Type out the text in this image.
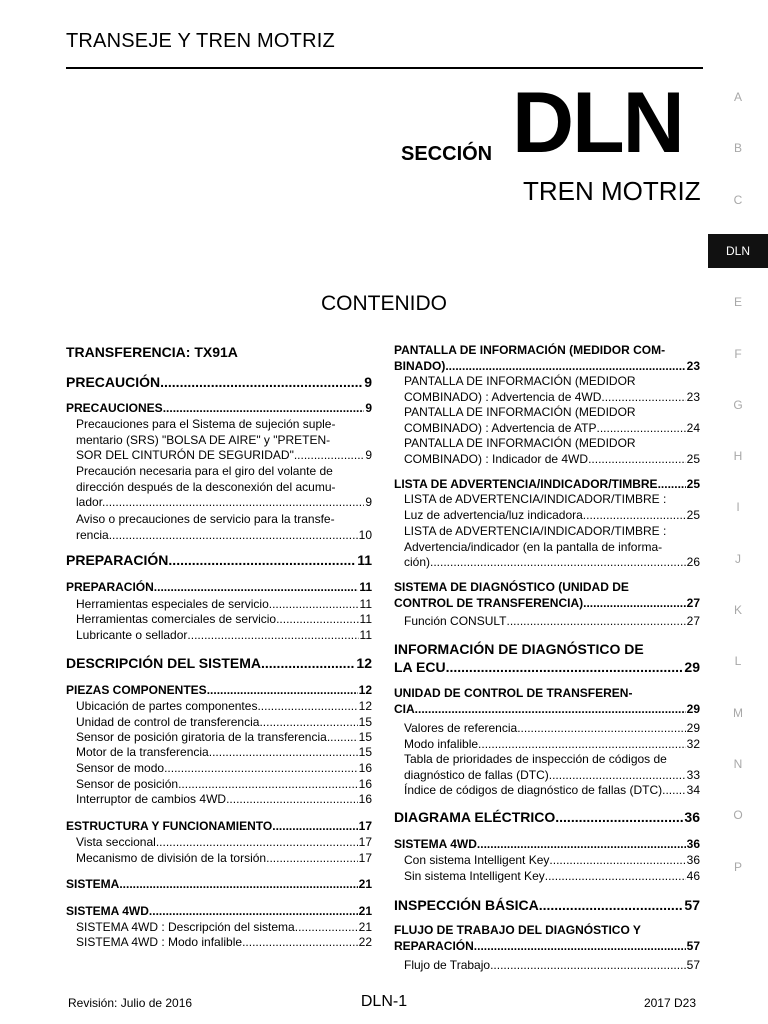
TRANSEJE Y TREN MOTRIZ
SECCIÓN DLN
TREN MOTRIZ
CONTENIDO
A
B
C
DLN
E
F
G
H
I
J
K
L
M
N
O
P
TRANSFERENCIA: TX91A
PRECAUCIÓN .....	9
PRECAUCIONES .....	9
Precauciones para el Sistema de sujeción suple-
mentario (SRS) "BOLSA DE AIRE" y "PRETEN-
SOR DEL CINTURÓN DE SEGURIDAD" .....	9
Precaución necesaria para el giro del volante de
dirección después de la desconexión del acumu-
lador. .....	9
Aviso o precauciones de servicio para la transfe-
rencia .....	10
PREPARACIÓN .....	11
PREPARACIÓN .....	11
Herramientas especiales de servicio .....	11
Herramientas comerciales de servicio .....	11
Lubricante o sellador .....	11
DESCRIPCIÓN DEL SISTEMA .....	12
PIEZAS COMPONENTES .....	12
Ubicación de partes componentes .....	12
Unidad de control de transferencia .....	15
Sensor de posición giratoria de la transferencia .....	15
Motor de la transferencia .....	15
Sensor de modo .....	16
Sensor de posición .....	16
Interruptor de cambios 4WD .....	16
ESTRUCTURA Y FUNCIONAMIENTO .....	17
Vista seccional .....	17
Mecanismo de división de la torsión .....	17
SISTEMA .....	21
SISTEMA 4WD .....	21
SISTEMA 4WD : Descripción del sistema .....	21
SISTEMA 4WD : Modo infalible .....	22
PANTALLA DE INFORMACIÓN (MEDIDOR COM-
BINADO) .....	23
PANTALLA DE INFORMACIÓN (MEDIDOR
COMBINADO) : Advertencia de 4WD .....	23
PANTALLA DE INFORMACIÓN (MEDIDOR
COMBINADO) : Advertencia de ATP .....	24
PANTALLA DE INFORMACIÓN (MEDIDOR
COMBINADO) : Indicador de 4WD .....	25
LISTA DE ADVERTENCIA/INDICADOR/TIMBRE ..... 25
LISTA de ADVERTENCIA/INDICADOR/TIMBRE :
Luz de advertencia/luz indicadora .....	25
LISTA de ADVERTENCIA/INDICADOR/TIMBRE :
Advertencia/indicador (en la pantalla de informa-
ción) .....	26
SISTEMA DE DIAGNÓSTICO (UNIDAD DE
CONTROL DE TRANSFERENCIA) .....	27
Función CONSULT .....	27
INFORMACIÓN DE DIAGNÓSTICO DE
LA ECU .....	29
UNIDAD DE CONTROL DE TRANSFEREN-
CIA .....	29
Valores de referencia .....	29
Modo infalible .....	32
Tabla de prioridades de inspección de códigos de
diagnóstico de fallas (DTC) .....	33
Índice de códigos de diagnóstico de fallas (DTC) ..... 34
DIAGRAMA ELÉCTRICO .....	36
SISTEMA 4WD .....	36
Con sistema Intelligent Key .....	36
Sin sistema Intelligent Key .....	46
INSPECCIÓN BÁSICA .....	57
FLUJO DE TRABAJO DEL DIAGNÓSTICO Y
REPARACIÓN .....	57
Flujo de Trabajo .....	57
Revisión: Julio de 2016	DLN-1	2017 D23
